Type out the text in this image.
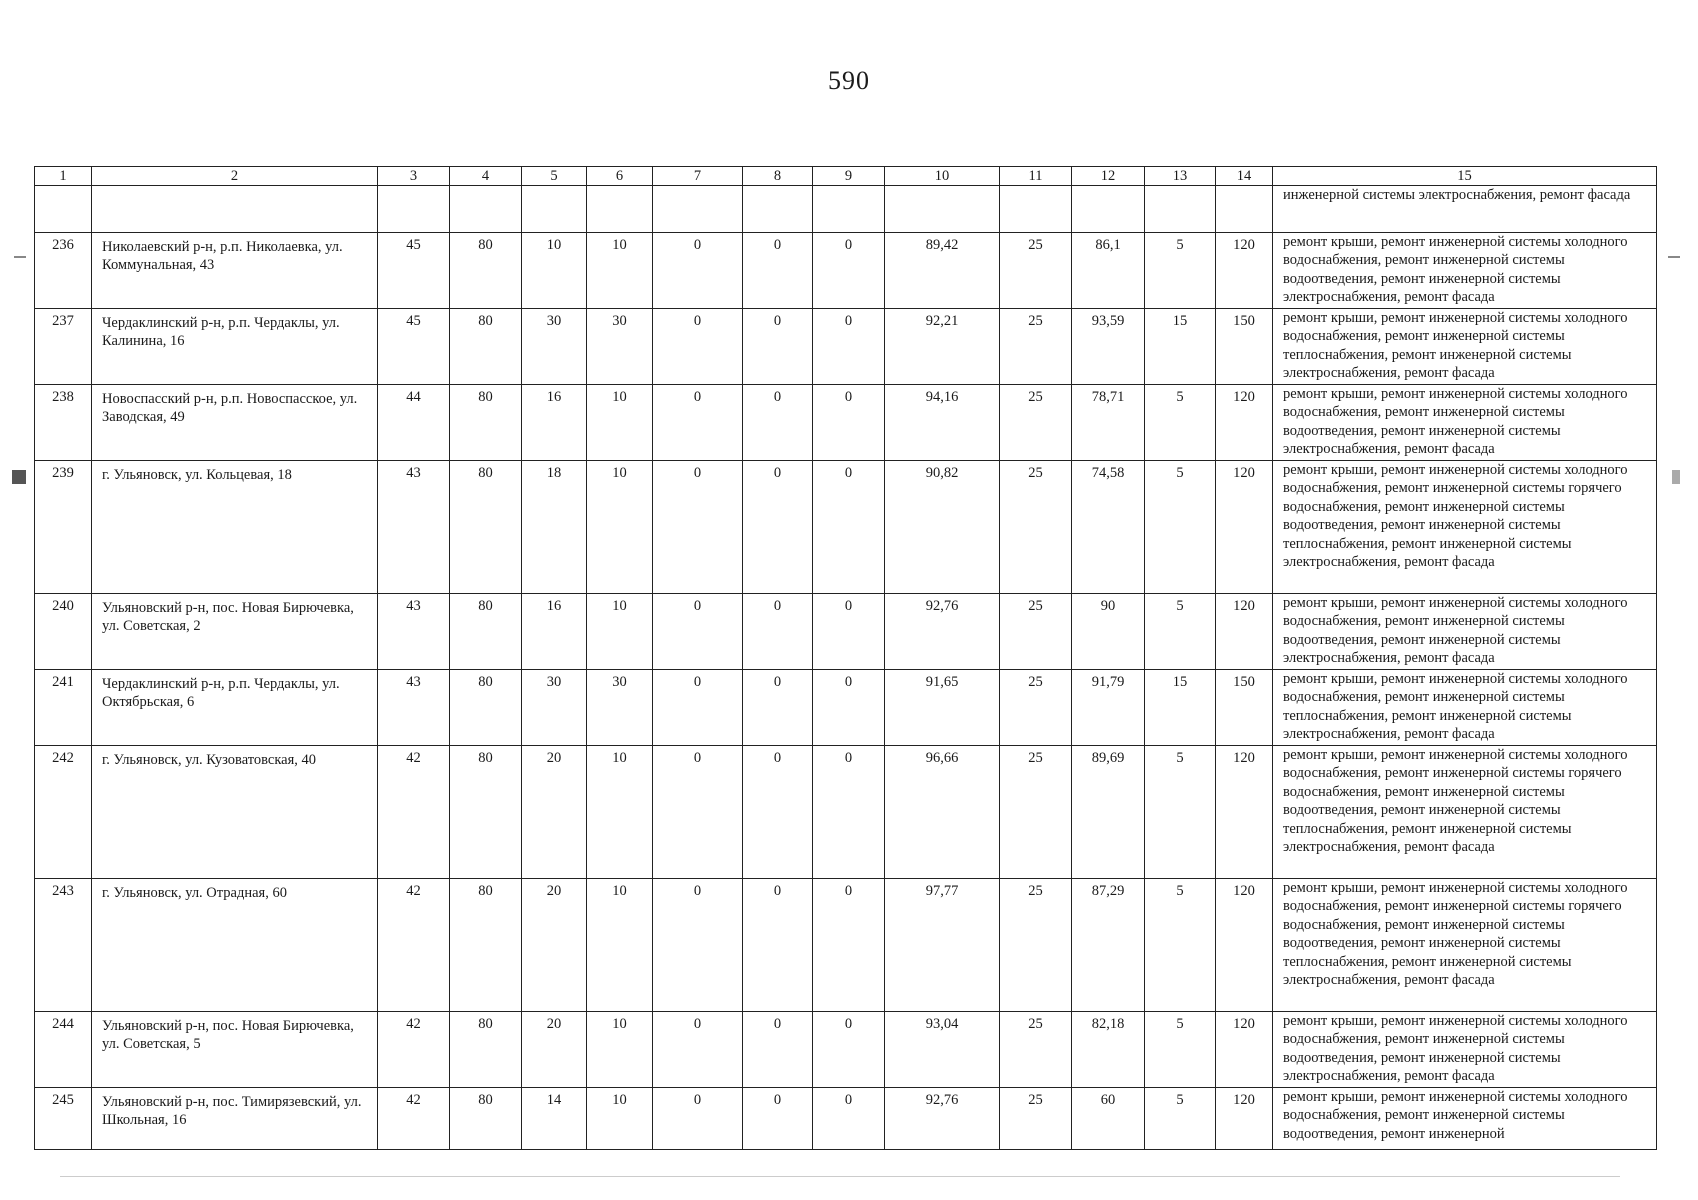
590
1	2	3	4	5	6	7	8	9	10	11	12	13	14	15
														инженерной системы электроснабжения, ремонт фасада
236	Николаевский р-н, р.п. Николаевка, ул. Коммунальная, 43	45	80	10	10	0	0	0	89,42	25	86,1	5	120	ремонт крыши, ремонт инженерной системы холодного водоснабжения, ремонт инженерной системы водоотведения, ремонт инженерной системы электроснабжения, ремонт фасада
237	Чердаклинский р-н, р.п. Чердаклы, ул. Калинина, 16	45	80	30	30	0	0	0	92,21	25	93,59	15	150	ремонт крыши, ремонт инженерной системы холодного водоснабжения, ремонт инженерной системы теплоснабжения, ремонт инженерной системы электроснабжения, ремонт фасада
238	Новоспасский р-н, р.п. Новоспасское, ул. Заводская, 49	44	80	16	10	0	0	0	94,16	25	78,71	5	120	ремонт крыши, ремонт инженерной системы холодного водоснабжения, ремонт инженерной системы водоотведения, ремонт инженерной системы электроснабжения, ремонт фасада
239	г. Ульяновск, ул. Кольцевая, 18	43	80	18	10	0	0	0	90,82	25	74,58	5	120	ремонт крыши, ремонт инженерной системы холодного водоснабжения, ремонт инженерной системы горячего водоснабжения, ремонт инженерной системы водоотведения, ремонт инженерной системы теплоснабжения, ремонт инженерной системы электроснабжения, ремонт фасада
240	Ульяновский р-н, пос. Новая Бирючевка, ул. Советская, 2	43	80	16	10	0	0	0	92,76	25	90	5	120	ремонт крыши, ремонт инженерной системы холодного водоснабжения, ремонт инженерной системы водоотведения, ремонт инженерной системы электроснабжения, ремонт фасада
241	Чердаклинский р-н, р.п. Чердаклы, ул. Октябрьская, 6	43	80	30	30	0	0	0	91,65	25	91,79	15	150	ремонт крыши, ремонт инженерной системы холодного водоснабжения, ремонт инженерной системы теплоснабжения, ремонт инженерной системы электроснабжения, ремонт фасада
242	г. Ульяновск, ул. Кузоватовская, 40	42	80	20	10	0	0	0	96,66	25	89,69	5	120	ремонт крыши, ремонт инженерной системы холодного водоснабжения, ремонт инженерной системы горячего водоснабжения, ремонт инженерной системы водоотведения, ремонт инженерной системы теплоснабжения, ремонт инженерной системы электроснабжения, ремонт фасада
243	г. Ульяновск, ул. Отрадная, 60	42	80	20	10	0	0	0	97,77	25	87,29	5	120	ремонт крыши, ремонт инженерной системы холодного водоснабжения, ремонт инженерной системы горячего водоснабжения, ремонт инженерной системы водоотведения, ремонт инженерной системы теплоснабжения, ремонт инженерной системы электроснабжения, ремонт фасада
244	Ульяновский р-н, пос. Новая Бирючевка, ул. Советская, 5	42	80	20	10	0	0	0	93,04	25	82,18	5	120	ремонт крыши, ремонт инженерной системы холодного водоснабжения, ремонт инженерной системы водоотведения, ремонт инженерной системы электроснабжения, ремонт фасада
245	Ульяновский р-н, пос. Тимирязевский, ул. Школьная, 16	42	80	14	10	0	0	0	92,76	25	60	5	120	ремонт крыши, ремонт инженерной системы холодного водоснабжения, ремонт инженерной системы водоотведения, ремонт инженерной
